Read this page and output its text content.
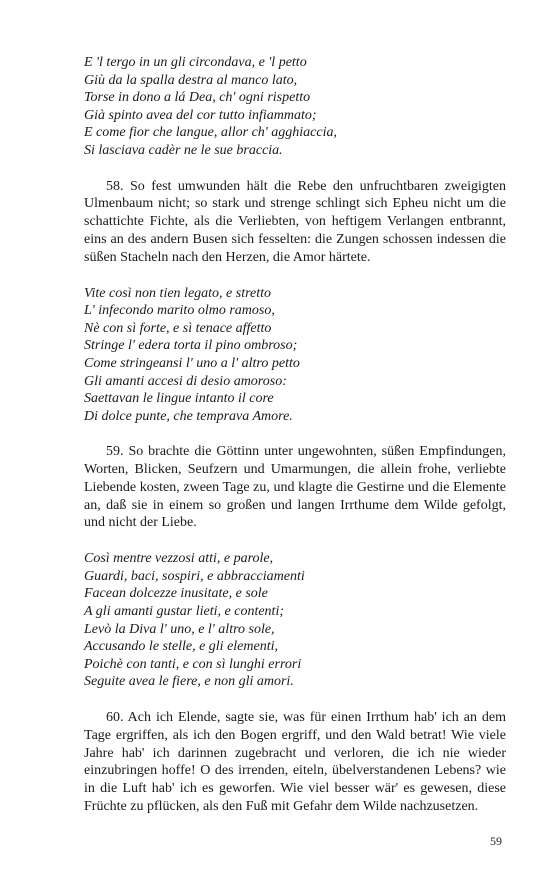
E 'l tergo in un gli circondava, e 'l petto
Giù da la spalla destra al manco lato,
Torse in dono a lá Dea, ch' ogni rispetto
Già spinto avea del cor tutto infiammato;
E come fior che langue, allor ch' agghiaccia,
Si lasciava cadèr ne le sue braccia.

58. So fest umwunden hält die Rebe den unfruchtbaren zweigigten Ulmenbaum nicht; so stark und strenge schlingt sich Epheu nicht um die schattichte Fichte, als die Verliebten, von heftigem Verlangen entbrannt, eins an des andern Busen sich fesselten: die Zungen schossen indessen die süßen Stacheln nach den Herzen, die Amor härtete.

Vite così non tien legato, e stretto
L' infecondo marito olmo ramoso,
Nè con sì forte, e sì tenace affetto
Stringe l' edera torta il pino ombroso;
Come stringeansi l' uno a l' altro petto
Gli amanti accesi di desio amoroso:
Saettavan le lingue intanto il core
Di dolce punte, che temprava Amore.

59. So brachte die Göttinn unter ungewohnten, süßen Empfindungen, Worten, Blicken, Seufzern und Umarmungen, die allein frohe, verliebte Liebende kosten, zween Tage zu, und klagte die Gestirne und die Elemente an, daß sie in einem so großen und langen Irrthume dem Wilde gefolgt, und nicht der Liebe.

Così mentre vezzosi atti, e parole,
Guardi, baci, sospiri, e abbracciamenti
Facean dolcezze inusitate, e sole
A gli amanti gustar lieti, e contenti;
Levò la Diva l' uno, e l' altro sole,
Accusando le stelle, e gli elementi,
Poichè con tanti, e con sì lunghi errori
Seguite avea le fiere, e non gli amori.

60. Ach ich Elende, sagte sie, was für einen Irrthum hab' ich an dem Tage ergriffen, als ich den Bogen ergriff, und den Wald betrat! Wie viele Jahre hab' ich darinnen zugebracht und verloren, die ich nie wieder einzubringen hoffe! O des irrenden, eiteln, übelverstandenen Lebens? wie in die Luft hab' ich es geworfen. Wie viel besser wär' es gewesen, diese Früchte zu pflücken, als den Fuß mit Gefahr dem Wilde nachzusetzen.

59
